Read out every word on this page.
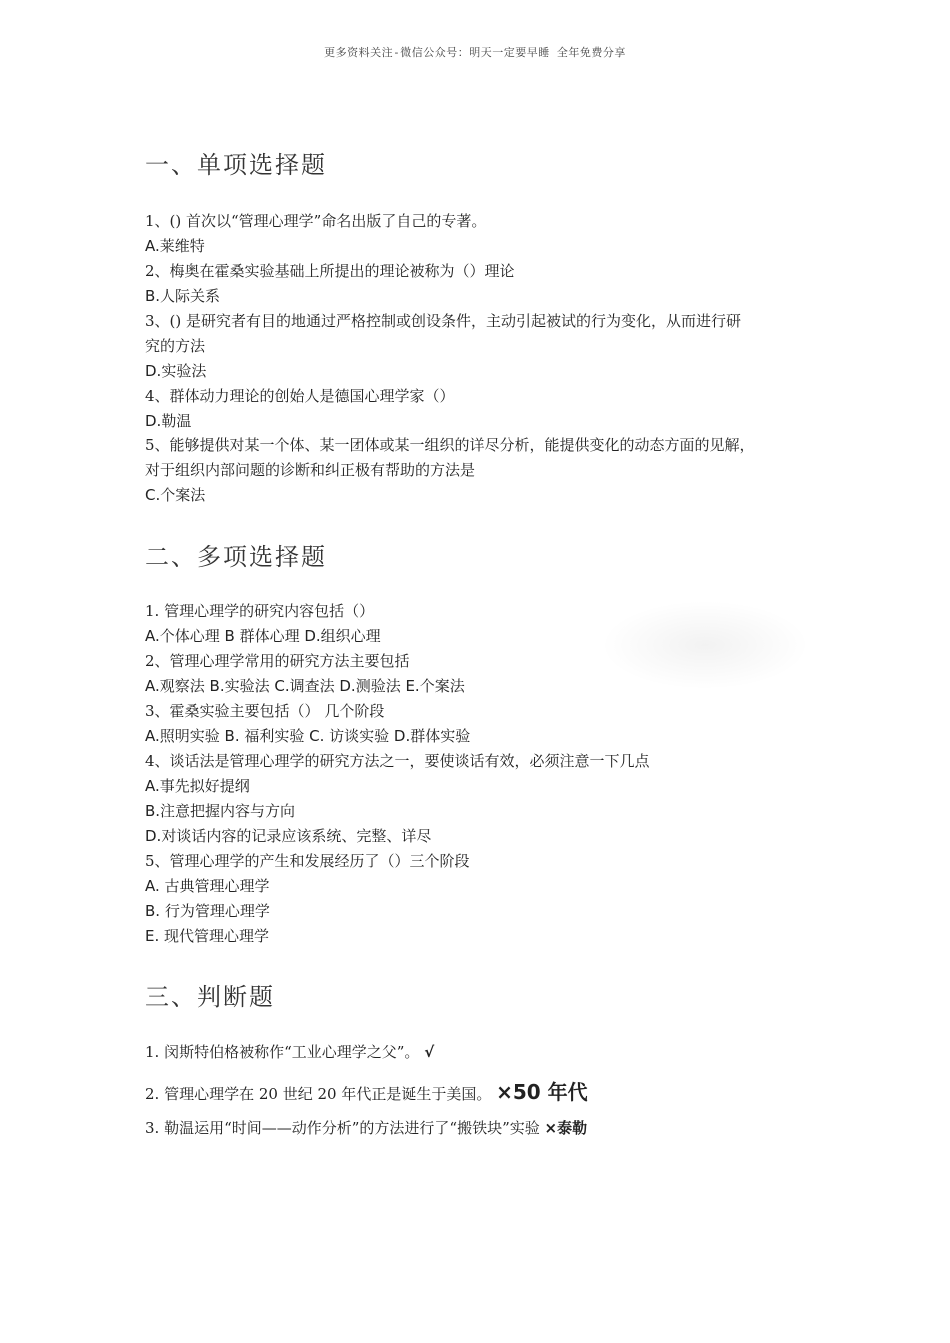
更多资料关注-微信公众号：明天一定要早睡 全年免费分享
一、单项选择题
1、() 首次以“管理心理学”命名出版了自己的专著。
A.莱维特
2、梅奥在霍桑实验基础上所提出的理论被称为（）理论
B.人际关系
3、() 是研究者有目的地通过严格控制或创设条件，主动引起被试的行为变化，从而进行研
究的方法
D.实验法
4、群体动力理论的创始人是德国心理学家（）
D.勒温
5、能够提供对某一个体、某一团体或某一组织的详尽分析，能提供变化的动态方面的见解，
对于组织内部问题的诊断和纠正极有帮助的方法是
C.个案法
二、多项选择题
1. 管理心理学的研究内容包括（）
A.个体心理 B 群体心理 D.组织心理
2、管理心理学常用的研究方法主要包括
A.观察法 B.实验法 C.调查法 D.测验法 E.个案法
3、霍桑实验主要包括（） 几个阶段
A.照明实验 B. 福利实验 C. 访谈实验 D.群体实验
4、谈话法是管理心理学的研究方法之一，要使谈话有效，必须注意一下几点
A.事先拟好提纲
B.注意把握内容与方向
D.对谈话内容的记录应该系统、完整、详尽
5、管理心理学的产生和发展经历了（）三个阶段
A. 古典管理心理学
B. 行为管理心理学
E. 现代管理心理学
三、判断题
1. 闵斯特伯格被称作“工业心理学之父”。 √
2. 管理心理学在 20 世纪 20 年代正是诞生于美国。 ×50 年代
3. 勒温运用“时间——动作分析”的方法进行了“搬铁块”实验 ×泰勒
